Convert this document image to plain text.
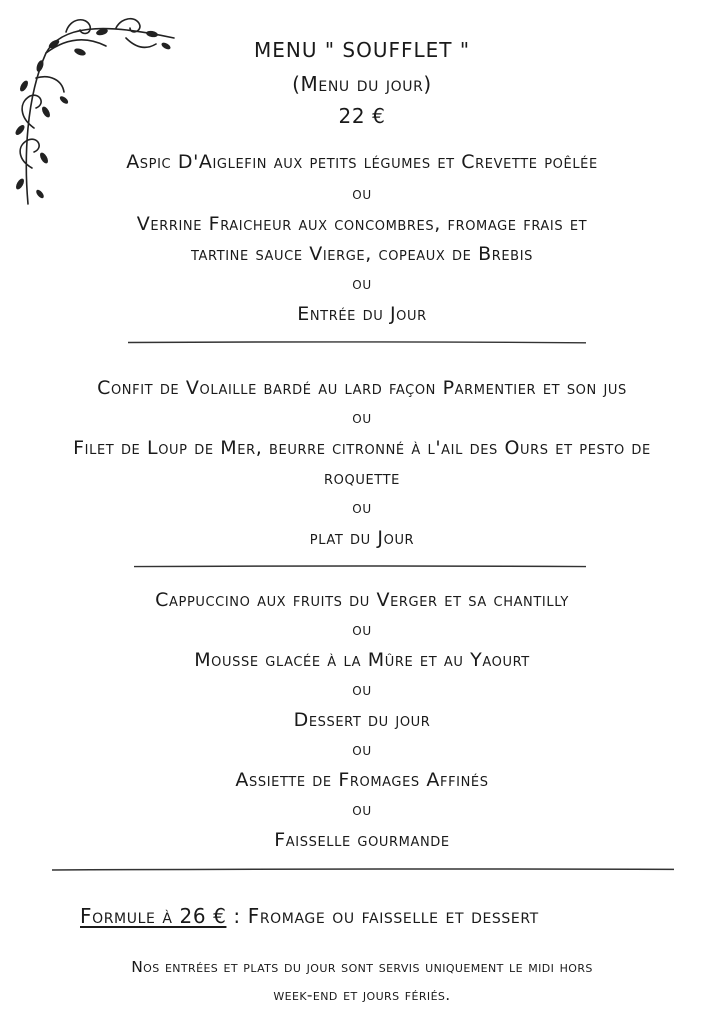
MENU " SOUFFLET "
(Menu du jour)
22 €
Aspic D'Aiglefin aux petits légumes et Crevette poêlée
ou
Verrine Fraicheur aux concombres, fromage frais et
tartine sauce Vierge, copeaux de Brebis
ou
Entrée du Jour
Confit de Volaille bardé au lard façon Parmentier et son jus
ou
Filet de Loup de Mer, beurre citronné à l'ail des Ours et pesto de
roquette
ou
plat du Jour
Cappuccino aux fruits du Verger et sa chantilly
ou
Mousse glacée à la Mûre et au Yaourt
ou
Dessert du jour
ou
Assiette de Fromages Affinés
ou
Faisselle gourmande
Formule à 26 € : Fromage ou faisselle et dessert
Nos entrées et plats du jour sont servis uniquement le midi hors
week-end et jours fériés.
